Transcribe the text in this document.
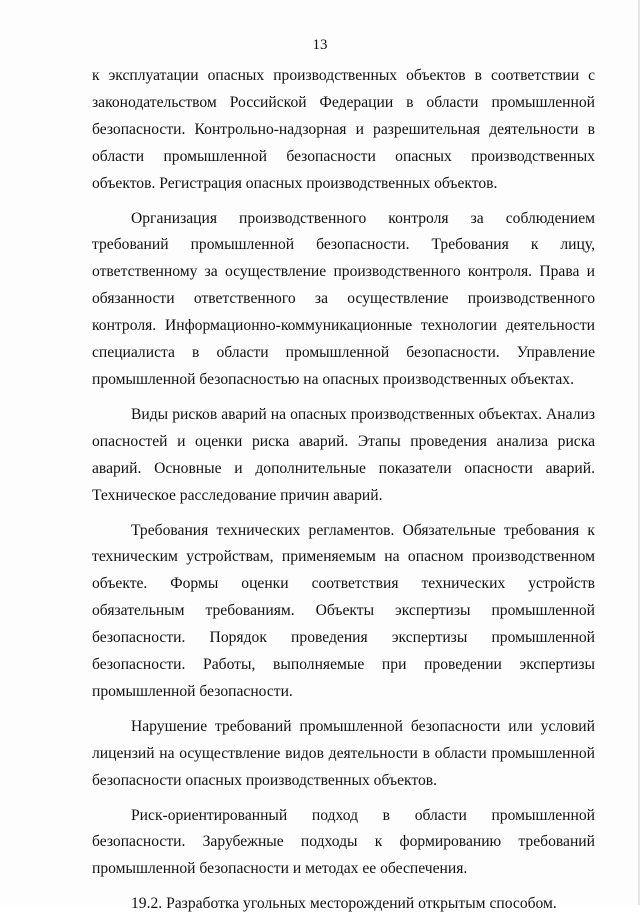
13

к эксплуатации опасных производственных объектов в соответствии с законодательством Российской Федерации в области промышленной безопасности. Контрольно-надзорная и разрешительная деятельности в области промышленной безопасности опасных производственных объектов. Регистрация опасных производственных объектов.

Организация производственного контроля за соблюдением требований промышленной безопасности. Требования к лицу, ответственному за осуществление производственного контроля. Права и обязанности ответственного за осуществление производственного контроля. Информационно-коммуникационные технологии деятельности специалиста в области промышленной безопасности. Управление промышленной безопасностью на опасных производственных объектах.

Виды рисков аварий на опасных производственных объектах. Анализ опасностей и оценки риска аварий. Этапы проведения анализа риска аварий. Основные и дополнительные показатели опасности аварий. Техническое расследование причин аварий.

Требования технических регламентов. Обязательные требования к техническим устройствам, применяемым на опасном производственном объекте. Формы оценки соответствия технических устройств обязательным требованиям. Объекты экспертизы промышленной безопасности. Порядок проведения экспертизы промышленной безопасности. Работы, выполняемые при проведении экспертизы промышленной безопасности.

Нарушение требований промышленной безопасности или условий лицензий на осуществление видов деятельности в области промышленной безопасности опасных производственных объектов.

Риск-ориентированный подход в области промышленной безопасности. Зарубежные подходы к формированию требований промышленной безопасности и методах ее обеспечения.

19.2. Разработка угольных месторождений открытым способом.
